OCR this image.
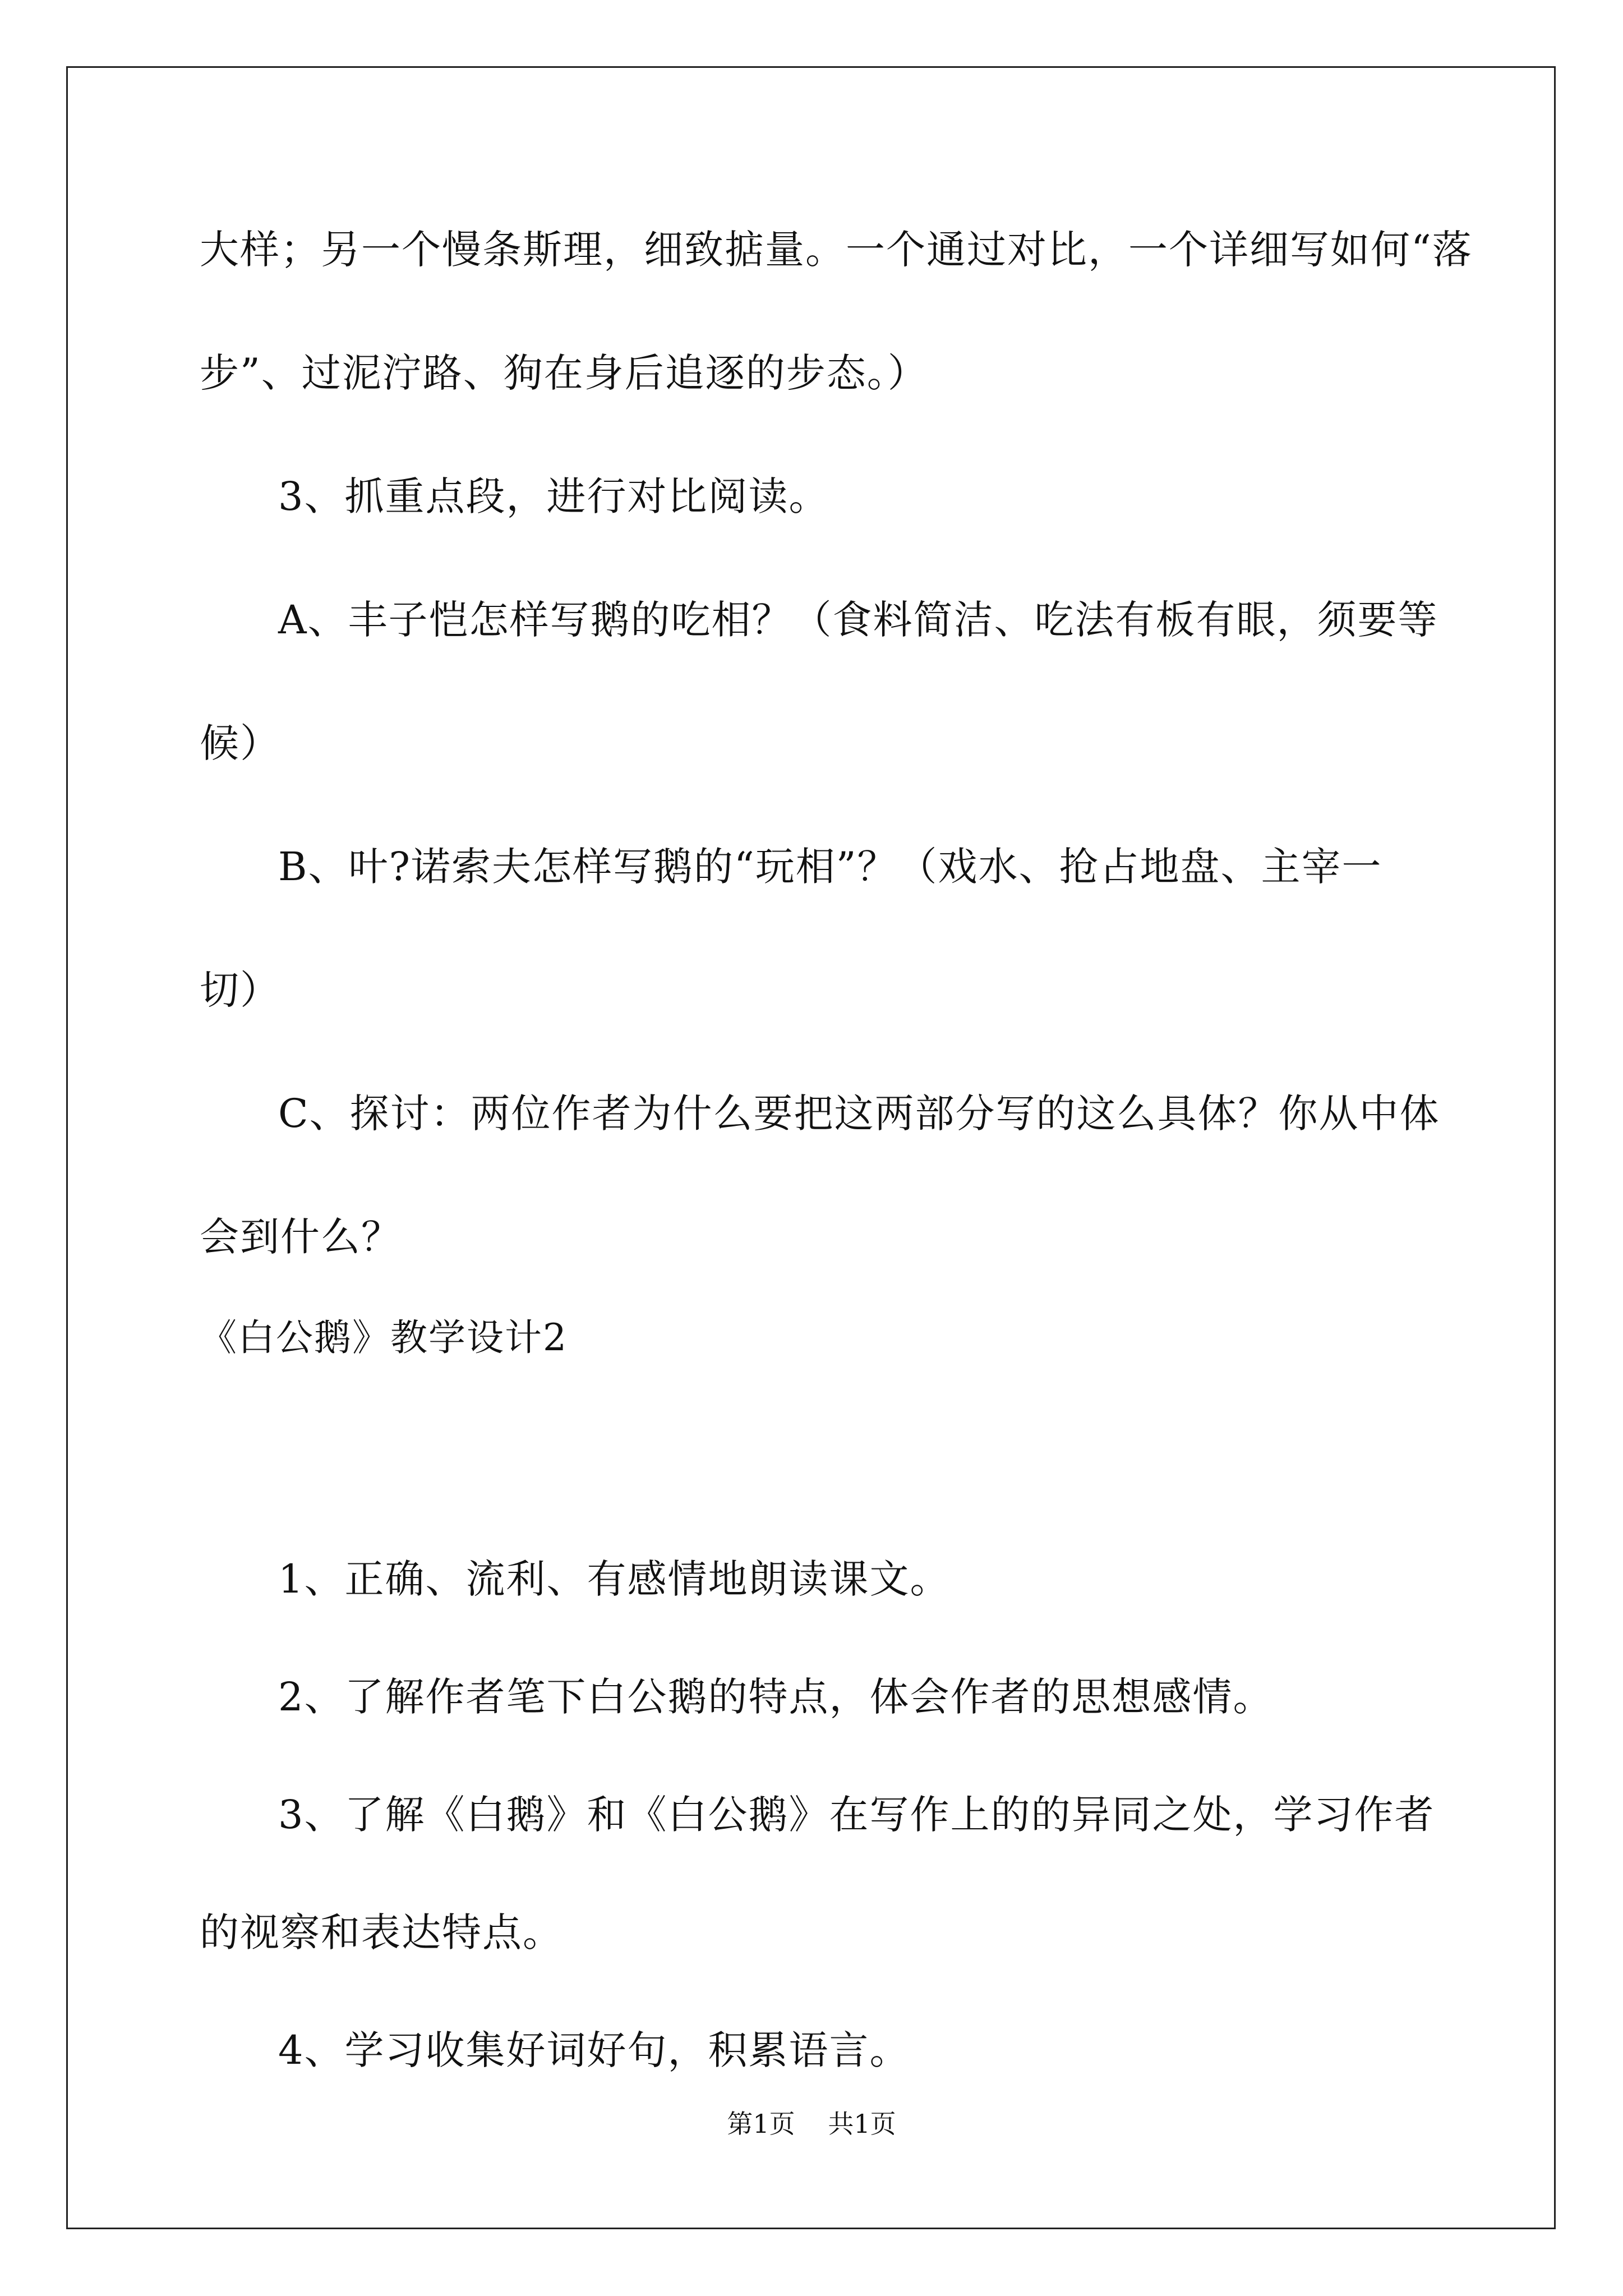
大样；另一个慢条斯理，细致掂量。一个通过对比，一个详细写如何“落
步”、过泥泞路、狗在身后追逐的步态。）
3、抓重点段，进行对比阅读。
A、丰子恺怎样写鹅的吃相？（食料简洁、吃法有板有眼，须要等
候）
B、叶?诺索夫怎样写鹅的“玩相”？（戏水、抢占地盘、主宰一
切）
C、探讨：两位作者为什么要把这两部分写的这么具体？你从中体
会到什么？
《白公鹅》教学设计2
1、正确、流利、有感情地朗读课文。
2、了解作者笔下白公鹅的特点，体会作者的思想感情。
3、了解《白鹅》和《白公鹅》在写作上的的异同之处，学习作者
的视察和表达特点。
4、学习收集好词好句，积累语言。
第1页 共1页
